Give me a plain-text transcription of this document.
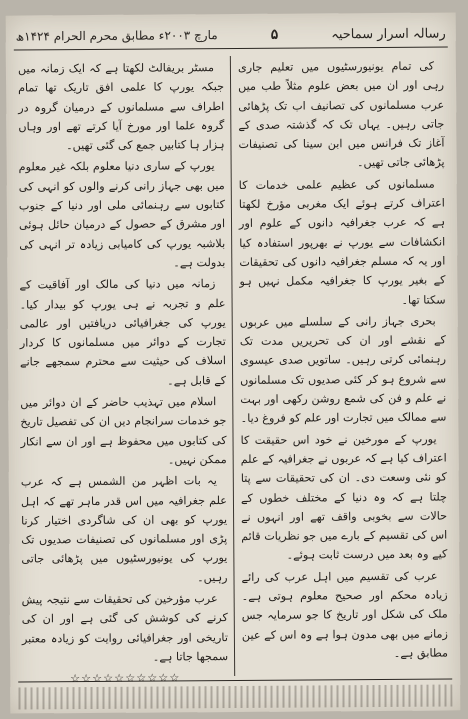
مارچ ۲۰۰۳ء مطابق محرم الحرام ۱۴۲۴ھ	۵	رسالہ اسرار سماحیہ

کی تمام یونیورسٹیوں میں تعلیم جاری رہی اور ان میں بعض علوم مثلاً طب میں عرب مسلمانوں کی تصانیف اب تک پڑھائی جاتی رہیں۔ یہاں تک کہ گذشتہ صدی کے آغاز تک فرانس میں ابن سینا کی تصنیفات پڑھائی جاتی تھیں۔

مسلمانوں کی عظیم علمی خدمات کا اعتراف کرتے ہوئے ایک مغربی مؤرخ لکھتا ہے کہ عرب جغرافیہ دانوں کے علوم اور انکشافات سے یورپ نے بھرپور استفادہ کیا اور یہ کہ مسلم جغرافیہ دانوں کی تحقیقات کے بغیر یورپ کا جغرافیہ مکمل نہیں ہو سکتا تھا۔

بحری جہاز رانی کے سلسلے میں عربوں کے نقشے اور ان کی تحریریں مدت تک رہنمائی کرتی رہیں۔ ساتویں صدی عیسوی سے شروع ہو کر کئی صدیوں تک مسلمانوں نے علم و فن کی شمع روشن رکھی اور بہت سے ممالک میں تجارت اور علم کو فروغ دیا۔

یورپ کے مورخین نے خود اس حقیقت کا اعتراف کیا ہے کہ عربوں نے جغرافیہ کے علم کو نئی وسعت دی۔ ان کی تحقیقات سے پتا چلتا ہے کہ وہ دنیا کے مختلف خطوں کے حالات سے بخوبی واقف تھے اور انہوں نے اس کی تقسیم کے بارے میں جو نظریات قائم کیے وہ بعد میں درست ثابت ہوئے۔

عرب کی تقسیم میں اہل عرب کی رائے زیادہ محکم اور صحیح معلوم ہوتی ہے۔ ملک کی شکل اور تاریخ کا جو سرمایہ جس زمانے میں بھی مدون ہوا ہے وہ اس کے عین مطابق ہے۔

مسٹر بریفالٹ لکھتا ہے کہ ایک زمانہ میں جبکہ یورپ کا علمی افق تاریک تھا تمام اطراف سے مسلمانوں کے درمیان گروہ در گروہ علما اور مورخ آیا کرتے تھے اور وہاں ہزار ہا کتابیں جمع کی گئی تھیں۔

یورپ کے ساری دنیا معلوم بلکہ غیر معلوم میں بھی جہاز رانی کرنے والوں کو انہی کی کتابوں سے رہنمائی ملی اور دنیا کے جنوب اور مشرق کے حصول کے درمیان حائل ہوئی بلاشبہ یورپ کی کامیابی زیادہ تر انہی کی بدولت ہے۔

زمانہ میں دنیا کی مالک اور آفاقیت کے علم و تجربہ نے ہی یورپ کو بیدار کیا۔ یورپ کی جغرافیائی دریافتیں اور عالمی تجارت کے دوائر میں مسلمانوں کا کردار اسلاف کی حیثیت سے محترم سمجھے جانے کے قابل ہے۔

اسلام میں تہذیب حاضر کے ان دوائر میں جو خدمات سرانجام دیں ان کی تفصیل تاریخ کی کتابوں میں محفوظ ہے اور ان سے انکار ممکن نہیں۔

یہ بات اظہر من الشمس ہے کہ عرب علم جغرافیہ میں اس قدر ماہر تھے کہ اہل یورپ کو بھی ان کی شاگردی اختیار کرنا پڑی اور مسلمانوں کی تصنیفات صدیوں تک یورپ کی یونیورسٹیوں میں پڑھائی جاتی رہیں۔

عرب مؤرخین کی تحقیقات سے نتیجہ پیش کرنے کی کوشش کی گئی ہے اور ان کی تاریخی اور جغرافیائی روایت کو زیادہ معتبر سمجھا جاتا ہے۔

☆☆☆☆☆☆☆☆☆☆
